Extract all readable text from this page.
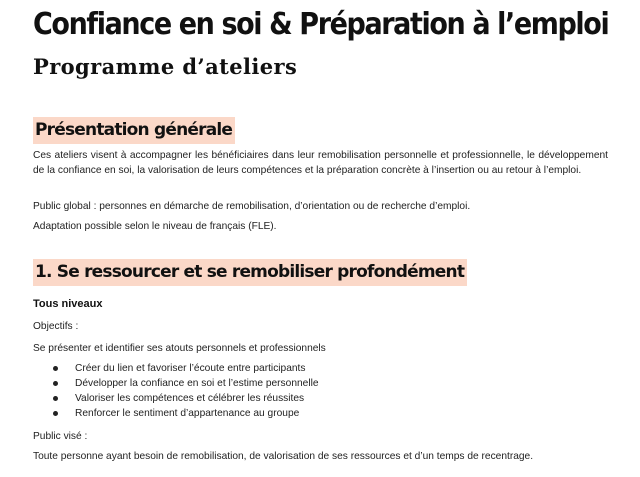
Confiance en soi & Préparation à l’emploi
Programme d’ateliers
Présentation générale

Ces ateliers visent à accompagner les bénéficiaires dans leur remobilisation personnelle et professionnelle, le développement de la confiance en soi, la valorisation de leurs compétences et la préparation concrète à l’insertion ou au retour à l’emploi.

Public global : personnes en démarche de remobilisation, d’orientation ou de recherche d’emploi.

Adaptation possible selon le niveau de français (FLE).

1. Se ressourcer et se remobiliser profondément

Tous niveaux

Objectifs :

Se présenter et identifier ses atouts personnels et professionnels

Créer du lien et favoriser l’écoute entre participants
Développer la confiance en soi et l’estime personnelle
Valoriser les compétences et célébrer les réussites
Renforcer le sentiment d’appartenance au groupe

Public visé :

Toute personne ayant besoin de remobilisation, de valorisation de ses ressources et d’un temps de recentrage.
